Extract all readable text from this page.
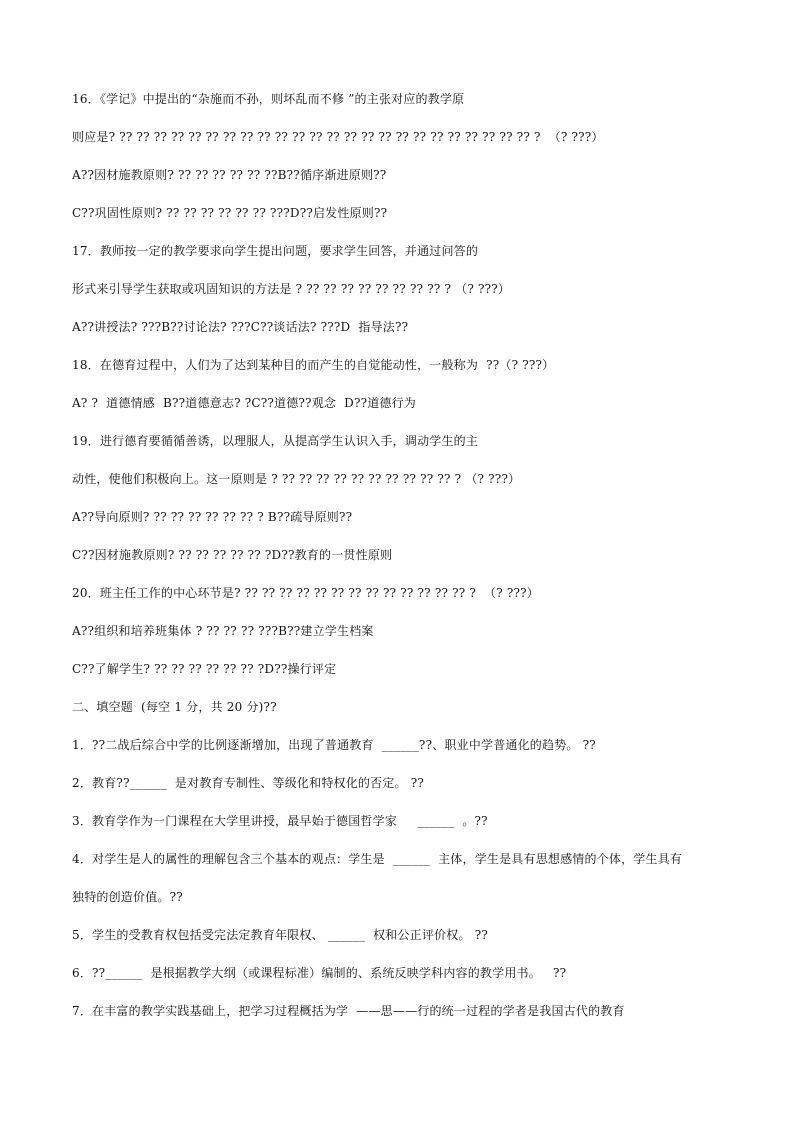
16．《学记》中提出的“杂施而不孙，则坏乱而不修 ”的主张对应的教学原
则应是? ?? ?? ?? ?? ?? ?? ?? ?? ?? ?? ?? ?? ?? ?? ?? ?? ?? ?? ?? ?? ?? ?? ?? ?? ?  （? ???）
A??因材施教原则? ?? ?? ?? ?? ?? ??B??循序渐进原则??
C??巩固性原则? ?? ?? ?? ?? ?? ?? ???D??启发性原则??
17．教师按一定的教学要求向学生提出问题，要求学生回答，并通过问答的
形式来引导学生获取或巩固知识的方法是 ? ?? ?? ?? ?? ?? ?? ?? ?? ? （? ???）
A??讲授法? ???B??讨论法? ???C??谈话法? ???D  指导法??
18．在德育过程中，人们为了达到某种目的而产生的自觉能动性，一般称为  ??（? ???）
A? ?  道德情感  B??道德意志? ?C??道德??观念  D??道德行为
19．进行德育要循循善诱，以理服人，从提高学生认识入手，调动学生的主
动性，使他们积极向上。这一原则是 ? ?? ?? ?? ?? ?? ?? ?? ?? ?? ?? ? （? ???）
A??导向原则? ?? ?? ?? ?? ?? ?? ? B??疏导原则??
C??因材施教原则? ?? ?? ?? ?? ?? ?D??教育的一贯性原则
20．班主任工作的中心环节是? ?? ?? ?? ?? ?? ?? ?? ?? ?? ?? ?? ?? ?? ?  （? ???）
A??组织和培养班集体 ? ?? ?? ?? ???B??建立学生档案
C??了解学生? ?? ?? ?? ?? ?? ?? ?D??操行评定
二、填空题  (每空 1 分，共 20 分)??
1．??二战后综合中学的比例逐渐增加，出现了普通教育  ______??、职业中学普通化的趋势。 ??
2．教育??______  是对教育专制性、等级化和特权化的否定。 ??
3．教育学作为一门课程在大学里讲授，最早始于德国哲学家     ______  。??
4．对学生是人的属性的理解包含三个基本的观点：学生是  ______  主体，学生是具有思想感情的个体，学生具有
独特的创造价值。??
5．学生的受教育权包括受完法定教育年限权、 ______  权和公正评价权。 ??
6．??______  是根据教学大纲（或课程标准）编制的、系统反映学科内容的教学用书。   ??
7．在丰富的教学实践基础上，把学习过程概括为学  ——思——行的统一过程的学者是我国古代的教育
